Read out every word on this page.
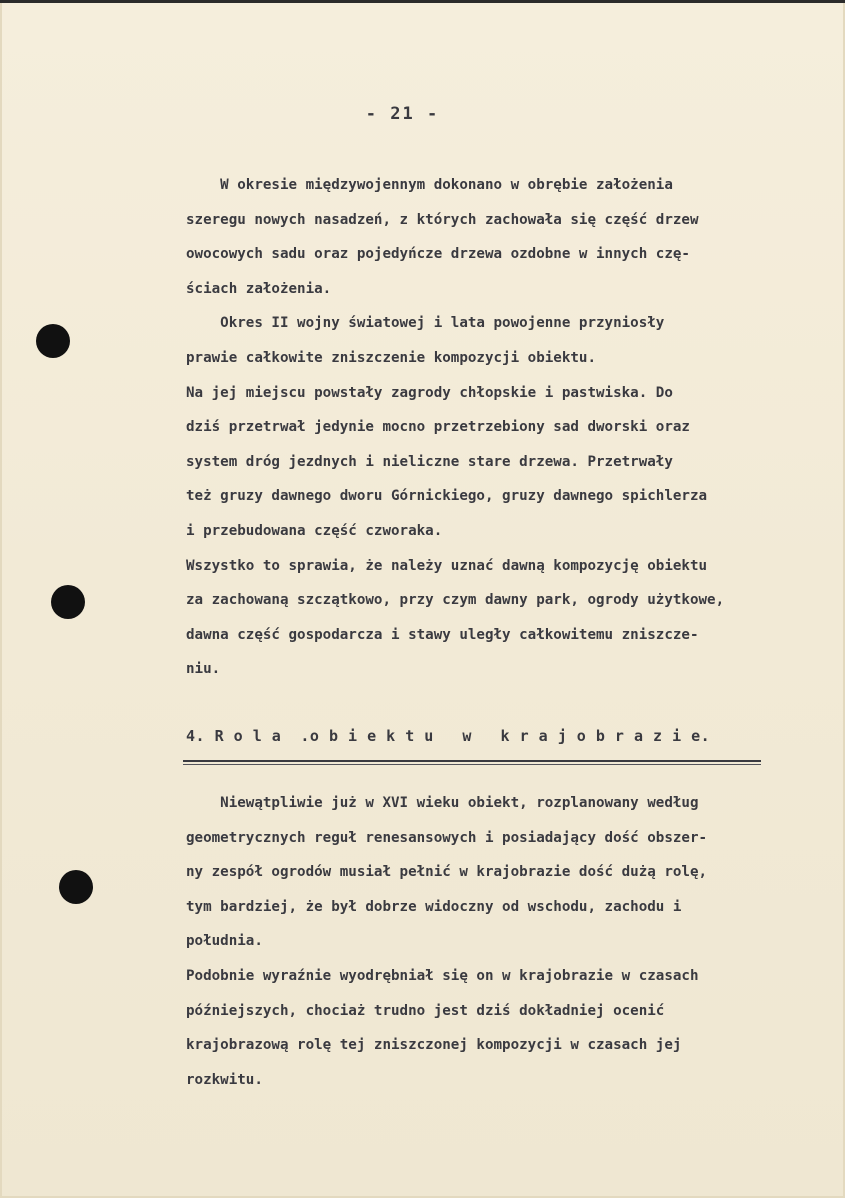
- 21 -
W okresie międzywojennym dokonano w obrębie założenia
szeregu nowych nasadzeń, z których zachowała się część drzew
owocowych sadu oraz pojedyńcze drzewa ozdobne w innych czę-
ściach założenia.
Okres II wojny światowej i lata powojenne przyniosły
prawie całkowite zniszczenie kompozycji obiektu.
Na jej miejscu powstały zagrody chłopskie i pastwiska. Do
dziś przetrwał jedynie mocno przetrzebiony sad dworski oraz
system dróg jezdnych i nieliczne stare drzewa. Przetrwały
też gruzy dawnego dworu Górnickiego, gruzy dawnego spichlerza
i przebudowana część czworaka.
Wszystko to sprawia, że należy uznać dawną kompozycję obiektu
za zachowaną szczątkowo, przy czym dawny park, ogrody użytkowe,
dawna część gospodarcza i stawy uległy całkowitemu zniszcze-
niu.
4. R o l a  .o b i e k t u   w   k r a j o b r a z i e.
Niewątpliwie już w XVI wieku obiekt, rozplanowany według
geometrycznych reguł renesansowych i posiadający dość obszer-
ny zespół ogrodów musiał pełnić w krajobrazie dość dużą rolę,
tym bardziej, że był dobrze widoczny od wschodu, zachodu i
południa.
Podobnie wyraźnie wyodrębniał się on w krajobrazie w czasach
późniejszych, chociaż trudno jest dziś dokładniej ocenić
krajobrazową rolę tej zniszczonej kompozycji w czasach jej
rozkwitu.
